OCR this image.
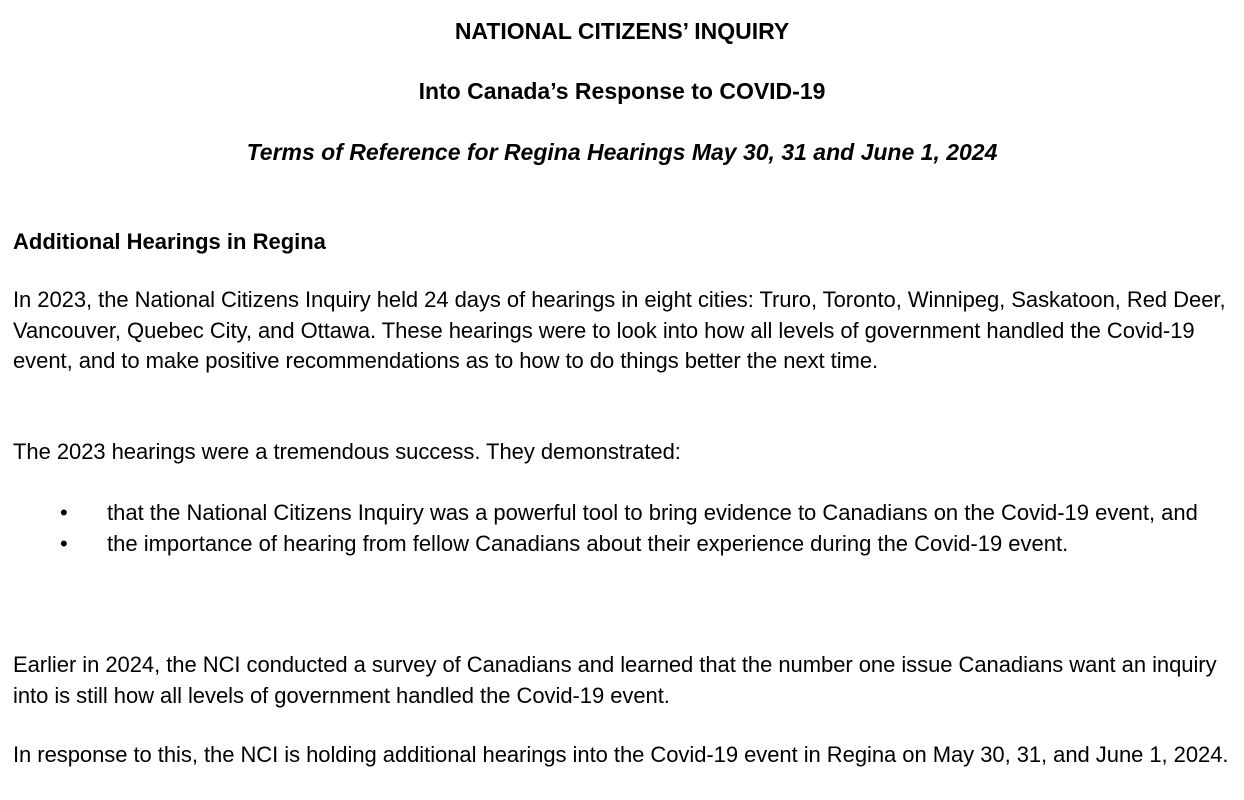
NATIONAL CITIZENS’ INQUIRY
Into Canada’s Response to COVID-19
Terms of Reference for Regina Hearings May 30, 31 and June 1, 2024
Additional Hearings in Regina

In 2023, the National Citizens Inquiry held 24 days of hearings in eight cities: Truro, Toronto, Winnipeg, Saskatoon, Red Deer, Vancouver, Quebec City, and Ottawa. These hearings were to look into how all levels of government handled the Covid-19 event, and to make positive recommendations as to how to do things better the next time.

The 2023 hearings were a tremendous success. They demonstrated:

• that the National Citizens Inquiry was a powerful tool to bring evidence to Canadians on the Covid-19 event, and
• the importance of hearing from fellow Canadians about their experience during the Covid-19 event.

Earlier in 2024, the NCI conducted a survey of Canadians and learned that the number one issue Canadians want an inquiry into is still how all levels of government handled the Covid-19 event.

In response to this, the NCI is holding additional hearings into the Covid-19 event in Regina on May 30, 31, and June 1, 2024.
